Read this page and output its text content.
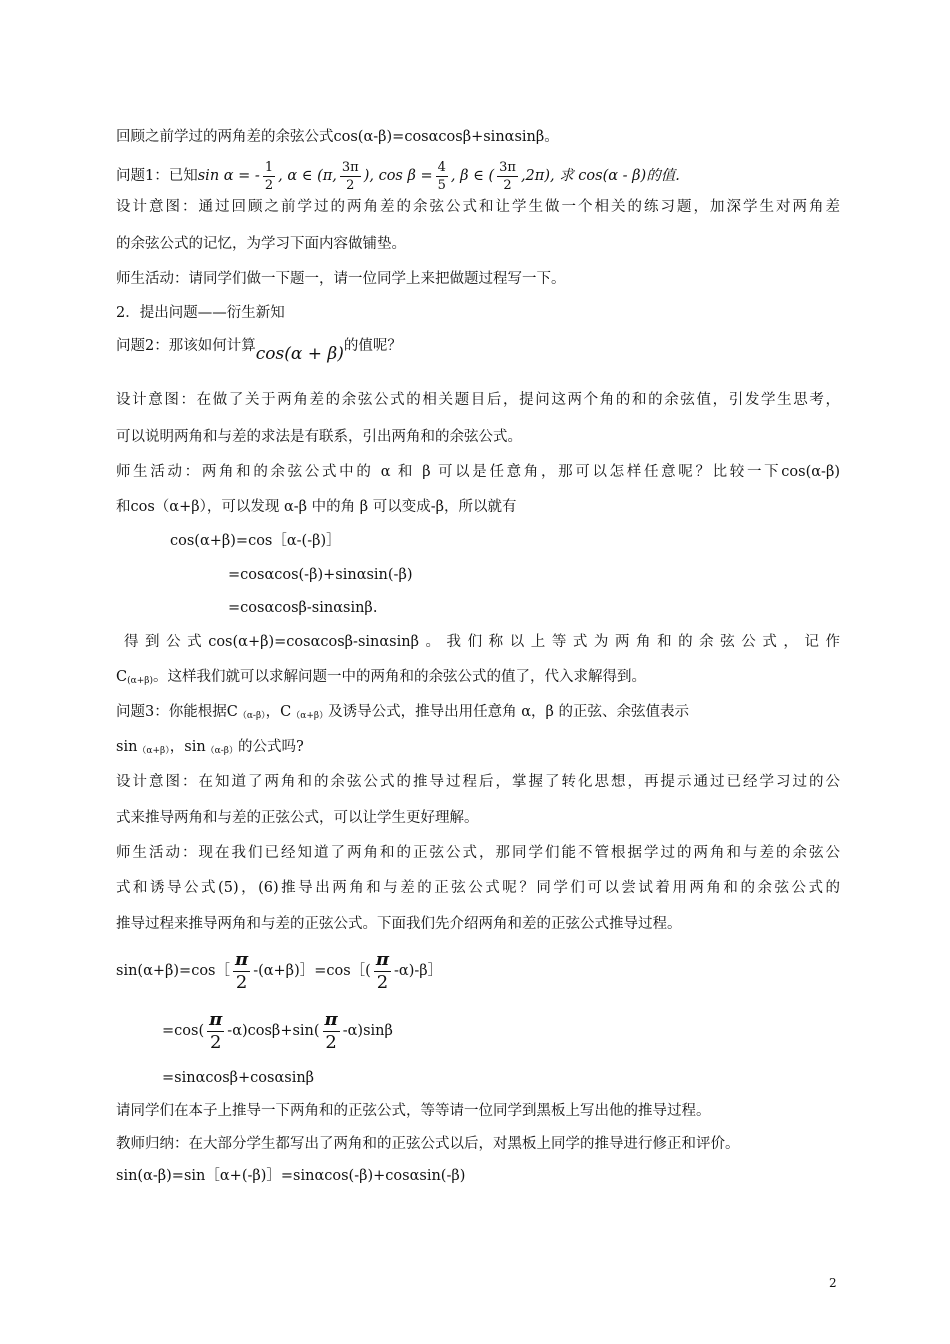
回顾之前学过的两角差的余弦公式cos(α-β)=cosαcosβ+sinαsinβ。
问题1：已知 sin α = - $\frac{1}{2}$ , α ∈ (π, $\frac{3\pi}{2}$ ), $\cos \beta = \frac{4}{5}$ , β ∈ ( $\frac{3\pi}{2} ,2\pi$), 求 cos(α - β)的值.
设计意图：通过回顾之前学过的两角差的余弦公式和让学生做一个相关的练习题，加深学生对两角差
的余弦公式的记忆，为学习下面内容做铺垫。
师生活动：请同学们做一下题一，请一位同学上来把做题过程写一下。
2．提出问题——衍生新知
问题2：那该如何计算 cos(α + β) 的值呢？
设计意图：在做了关于两角差的余弦公式的相关题目后，提问这两个角的和的余弦值，引发学生思考，
可以说明两角和与差的求法是有联系，引出两角和的余弦公式。
师生活动：两角和的余弦公式中的 α 和 β 可以是任意角，那可以怎样任意呢？比较一下cos(α-β)
和cos（α+β），可以发现 α-β 中的角 β 可以变成-β，所以就有
cos(α+β)=cos［α-(-β)］
=cosαcos(-β)+sinαsin(-β)
=cosαcosβ-sinαsinβ.
得到公式cos(α+β)=cosαcosβ-sinαsinβ。我们称以上等式为两角和的余弦公式，记作
C(α+β)。这样我们就可以求解问题一中的两角和的余弦公式的值了，代入求解得到。
问题3：你能根据C（α-β），C（α+β）及诱导公式，推导出用任意角 α，β 的正弦、余弦值表示
sin（α+β），sin（α-β）的公式吗?
设计意图：在知道了两角和的余弦公式的推导过程后，掌握了转化思想，再提示通过已经学习过的公
式来推导两角和与差的正弦公式，可以让学生更好理解。
师生活动：现在我们已经知道了两角和的正弦公式，那同学们能不管根据学过的两角和与差的余弦公
式和诱导公式(5)，(6)推导出两角和与差的正弦公式呢？同学们可以尝试着用两角和的余弦公式的
推导过程来推导两角和与差的正弦公式。下面我们先介绍两角和差的正弦公式推导过程。
sin(α+β)=cos［ $\frac{\pi}{2}$ -(α+β)］=cos［( $\frac{\pi}{2}$ -α)-β］
$=\cos( \frac{\pi}{2} -\alpha)\cos\beta+\sin( \frac{\pi}{2} -\alpha)\sin\beta$
=sinαcosβ+cosαsinβ
请同学们在本子上推导一下两角和的正弦公式，等等请一位同学到黑板上写出他的推导过程。
教师归纳：在大部分学生都写出了两角和的正弦公式以后，对黑板上同学的推导进行修正和评价。
sin(α-β)=sin［α+(-β)］=sinαcos(-β)+cosαsin(-β)
2
